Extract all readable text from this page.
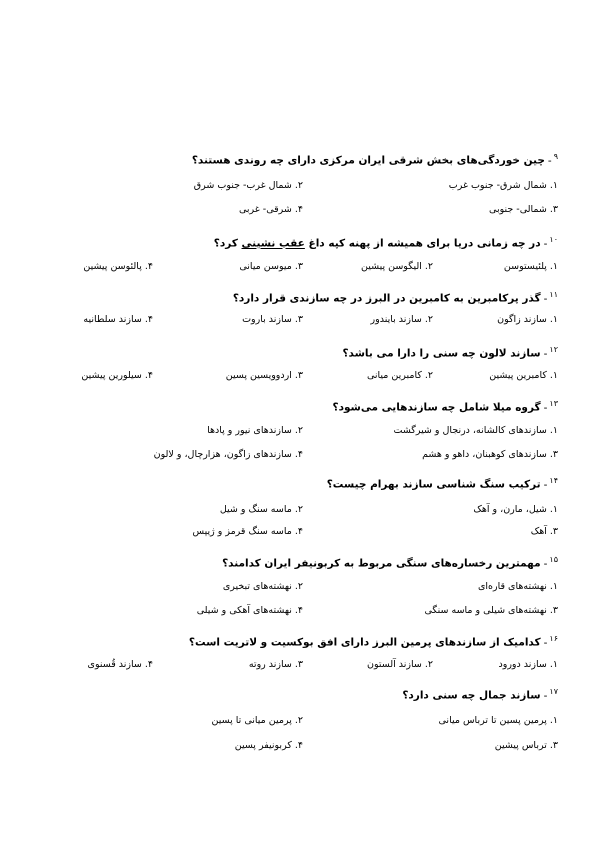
$^٩$-چین خوردگی‌های بخش شرقی ایران مرکزی دارای چه روندی هستند؟
١.شمال شرق- جنوب غرب
٢.شمال غرب- جنوب شرق
٣.شمالی- جنوبی
۴.شرقی- غربی
$^{١٠}$-در چه زمانی دریا برای همیشه از پهنه کپه داغ عقب نشینی کرد؟
١.پلئیستوسن
٢.الیگوسن پیشین
٣.میوسن میانی
۴.پالئوسن پیشین
$^{١١}$-گذر پرکامبرین به کامبرین در البرز در چه سازندی قرار دارد؟
١.سازند زاگون
٢.سازند بایندور
٣.سازند باروت
۴.سازند سلطانیه
$^{١٢}$-سازند لالون چه سنی را دارا می باشد؟
١.کامبرین پیشین
٢.کامبرین میانی
٣.اردوویسین پسین
۴.سیلورین پیشین
$^{١٣}$-گروه میلا شامل چه سازندهایی می‌شود؟
١.سازندهای کالشانه، درنجال و شیرگشت
٢.سازندهای نیور و پادها
٣.سازندهای کوهبنان، داهو و هشم
۴.سازندهای زاگون، هزارچال، و لالون
$^{١۴}$-ترکیب سنگ شناسی سازند بهرام چیست؟
١.شیل، مارن، و آهک
٢.ماسه سنگ و شیل
٣.آهک
۴.ماسه سنگ قرمز و ژیپس
$^{١۵}$-مهمترین رخساره‌های سنگی مربوط به کربونیفر ایران کدامند؟
١.نهشته‌های قاره‌ای
٢.نهشته‌های تبخیری
٣.نهشته‌های شیلی و ماسه سنگی
۴.نهشته‌های آهکی و شیلی
$^{١۶}$-کدامیک از سازندهای پرمین البرز دارای افق بوکسیت و لاتریت است؟
١.سازند دورود
٢.سازند آلستون
٣.سازند روته
۴.سازند قُسنوی
$^{١٧}$-سازند جمال چه سنی دارد؟
١.پرمین پسین تا ترباس میانی
٢.پرمین میانی تا پسین
٣.ترباس پیشین
۴.کربونیفر پسین
